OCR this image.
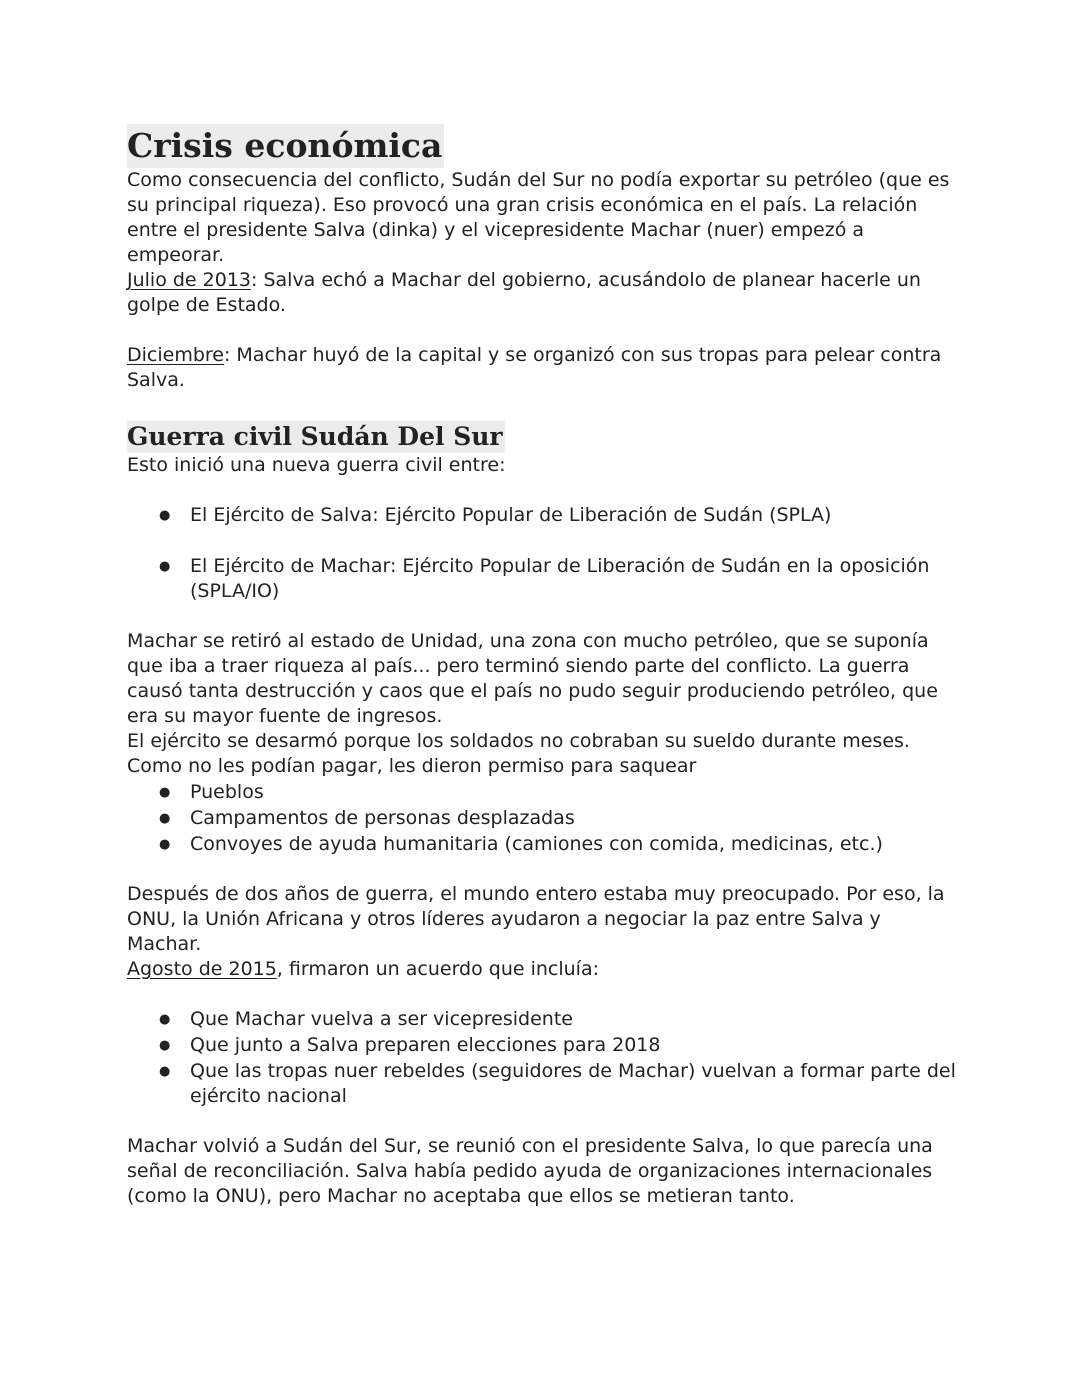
Crisis económica

Como consecuencia del conflicto, Sudán del Sur no podía exportar su petróleo (que es su principal riqueza). Eso provocó una gran crisis económica en el país. La relación entre el presidente Salva (dinka) y el vicepresidente Machar (nuer) empezó a empeorar.

Julio de 2013: Salva echó a Machar del gobierno, acusándolo de planear hacerle un golpe de Estado.

Diciembre: Machar huyó de la capital y se organizó con sus tropas para pelear contra Salva.

Guerra civil Sudán Del Sur

Esto inició una nueva guerra civil entre:

● El Ejército de Salva: Ejército Popular de Liberación de Sudán (SPLA)
● El Ejército de Machar: Ejército Popular de Liberación de Sudán en la oposición (SPLA/IO)

Machar se retiró al estado de Unidad, una zona con mucho petróleo, que se suponía que iba a traer riqueza al país... pero terminó siendo parte del conflicto. La guerra causó tanta destrucción y caos que el país no pudo seguir produciendo petróleo, que era su mayor fuente de ingresos.

El ejército se desarmó porque los soldados no cobraban su sueldo durante meses. Como no les podían pagar, les dieron permiso para saquear

● Pueblos
● Campamentos de personas desplazadas
● Convoyes de ayuda humanitaria (camiones con comida, medicinas, etc.)

Después de dos años de guerra, el mundo entero estaba muy preocupado. Por eso, la ONU, la Unión Africana y otros líderes ayudaron a negociar la paz entre Salva y Machar.

Agosto de 2015, firmaron un acuerdo que incluía:

● Que Machar vuelva a ser vicepresidente
● Que junto a Salva preparen elecciones para 2018
● Que las tropas nuer rebeldes (seguidores de Machar) vuelvan a formar parte del ejército nacional

Machar volvió a Sudán del Sur, se reunió con el presidente Salva, lo que parecía una señal de reconciliación. Salva había pedido ayuda de organizaciones internacionales (como la ONU), pero Machar no aceptaba que ellos se metieran tanto.
